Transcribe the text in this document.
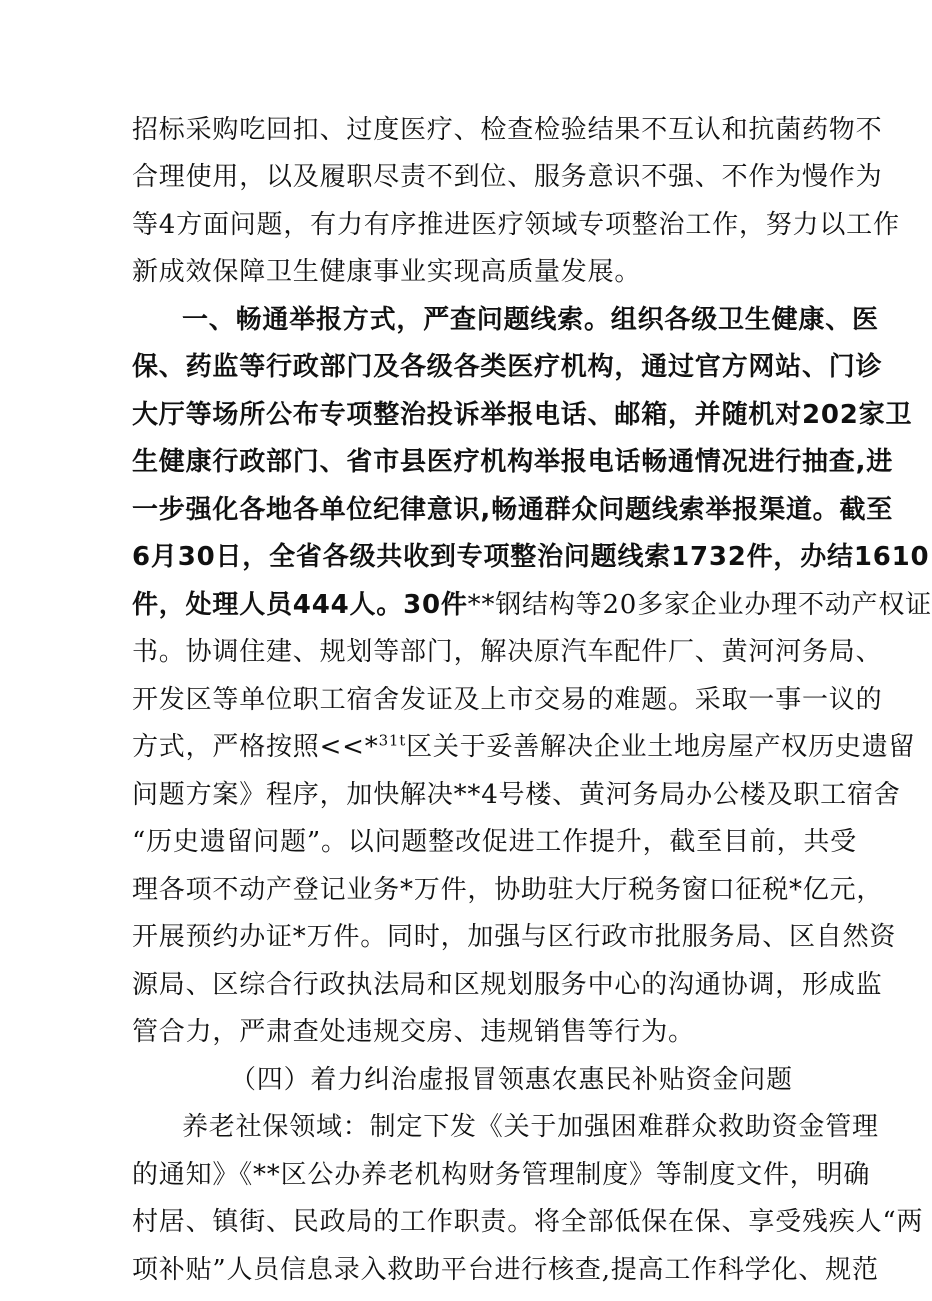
招标采购吃回扣、过度医疗、检查检验结果不互认和抗菌药物不
合理使用，以及履职尽责不到位、服务意识不强、不作为慢作为
等4方面问题，有力有序推进医疗领域专项整治工作，努力以工作
新成效保障卫生健康事业实现高质量发展。
一、畅通举报方式，严查问题线索。组织各级卫生健康、医
保、药监等行政部门及各级各类医疗机构，通过官方网站、门诊
大厅等场所公布专项整治投诉举报电话、邮箱，并随机对202家卫
生健康行政部门、省市县医疗机构举报电话畅通情况进行抽查,进
一步强化各地各单位纪律意识,畅通群众问题线索举报渠道。截至
6月30日，全省各级共收到专项整治问题线索1732件，办结1610
件，处理人员444人。30件**钢结构等20多家企业办理不动产权证
书。协调住建、规划等部门，解决原汽车配件厂、黄河河务局、
开发区等单位职工宿舍发证及上市交易的难题。采取一事一议的
方式，严格按照<<*$^{31t}$区关于妥善解决企业土地房屋产权历史遗留
问题方案》程序，加快解决**4号楼、黄河务局办公楼及职工宿舍
“历史遗留问题”。以问题整改促进工作提升，截至目前，共受
理各项不动产登记业务*万件，协助驻大厅税务窗口征税*亿元，
开展预约办证*万件。同时，加强与区行政市批服务局、区自然资
源局、区综合行政执法局和区规划服务中心的沟通协调，形成监
管合力，严肃查处违规交房、违规销售等行为。
（四）着力纠治虚报冒领惠农惠民补贴资金问题
养老社保领域：制定下发《关于加强困难群众救助资金管理
的通知》《**区公办养老机构财务管理制度》等制度文件，明确
村居、镇街、民政局的工作职责。将全部低保在保、享受残疾人“两
项补贴”人员信息录入救助平台进行核查,提高工作科学化、规范
